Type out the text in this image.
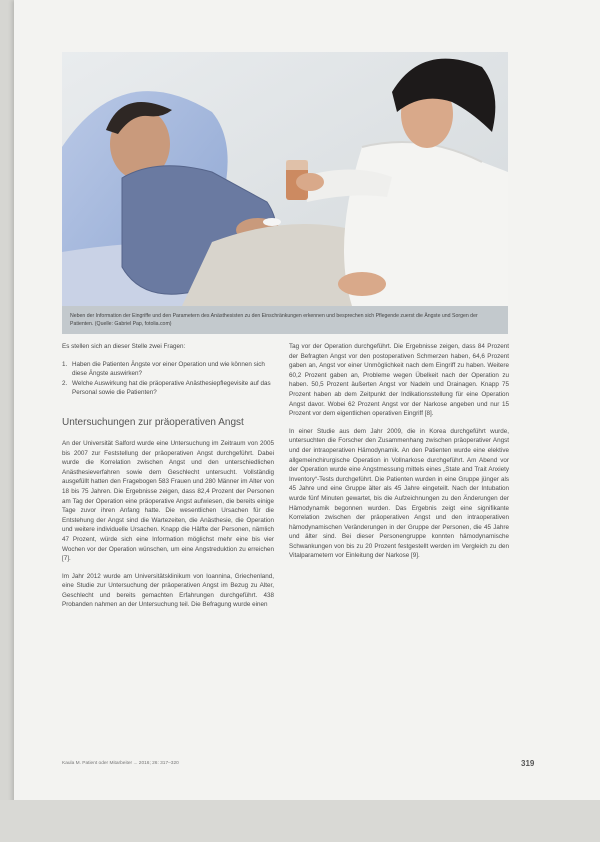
Neben der Information der Eingriffe und den Parametern des Anästhesisten zu den Einschränkungen erkennen und besprechen sich Pflegende zuerst die Ängste und Sorgen der Patienten. (Quelle: Gabriel Pap, fotolia.com)

Es stellen sich an dieser Stelle zwei Fragen:

1. Haben die Patienten Ängste vor einer Operation und wie können sich diese Ängste auswirken?
2. Welche Auswirkung hat die präoperative Anästhesiepflegevisite auf das Personal sowie die Patienten?
Untersuchungen zur präoperativen Angst

An der Universität Salford wurde eine Untersuchung im Zeitraum von 2005 bis 2007 zur Feststellung der präoperativen Angst durchgeführt. Dabei wurde die Korrelation zwischen Angst und den unterschiedlichen Anästhesieverfahren sowie dem Geschlecht untersucht. Vollständig ausgefüllt hatten den Fragebogen 583 Frauen und 280 Männer im Alter von 18 bis 75 Jahren. Die Ergebnisse zeigen, dass 82,4 Prozent der Personen am Tag der Operation eine präoperative Angst aufwiesen, die bereits einige Tage zuvor ihren Anfang hatte. Die wesentlichen Ursachen für die Entstehung der Angst sind die Wartezeiten, die Anästhesie, die Operation und weitere individuelle Ursachen. Knapp die Hälfte der Personen, nämlich 47 Prozent, würde sich eine Information möglichst mehr eine bis vier Wochen vor der Operation wünschen, um eine Angstreduktion zu erreichen [7].

Im Jahr 2012 wurde am Universitätsklinikum von Ioannina, Griechenland, eine Studie zur Untersuchung der präoperativen Angst im Bezug zu Alter, Geschlecht und bereits gemachten Erfahrungen durchgeführt. 438 Probanden nahmen an der Untersuchung teil. Die Befragung wurde einen

Tag vor der Operation durchgeführt. Die Ergebnisse zeigen, dass 84 Prozent der Befragten Angst vor den postoperativen Schmerzen haben, 64,6 Prozent gaben an, Angst vor einer Unmöglichkeit nach dem Eingriff zu haben. Weitere 60,2 Prozent gaben an, Probleme wegen Übelkeit nach der Operation zu haben. 50,5 Prozent äußerten Angst vor Nadeln und Drainagen. Knapp 75 Prozent haben ab dem Zeitpunkt der Indikationsstellung für eine Operation Angst davor. Wobei 62 Prozent Angst vor der Narkose angeben und nur 15 Prozent vor dem eigentlichen operativen Eingriff [8].

In einer Studie aus dem Jahr 2009, die in Korea durchgeführt wurde, untersuchten die Forscher den Zusammenhang zwischen präoperativer Angst und der intraoperativen Hämodynamik. An den Patienten wurde eine elektive allgemeinchirurgische Operation in Vollnarkose durchgeführt. Am Abend vor der Operation wurde eine Angstmessung mittels eines „State and Trait Anxiety Inventory“-Tests durchgeführt. Die Patienten wurden in eine Gruppe jünger als 45 Jahre und eine Gruppe älter als 45 Jahre eingeteilt. Nach der Intubation wurde fünf Minuten gewartet, bis die Aufzeichnungen zu den Änderungen der Hämodynamik begonnen wurden. Das Ergebnis zeigt eine signifikante Korrelation zwischen der präoperativen Angst und den intraoperativen hämodynamischen Veränderungen in der Gruppe der Personen, die 45 Jahre und älter sind. Bei dieser Personengruppe konnten hämodynamische Schwankungen von bis zu 20 Prozent festgestellt werden im Vergleich zu den Vitalparametern vor Einleitung der Narkose [9].

Kaula M. Patient oder Mitarbeiter ... 2016; 26: 317–320	319
